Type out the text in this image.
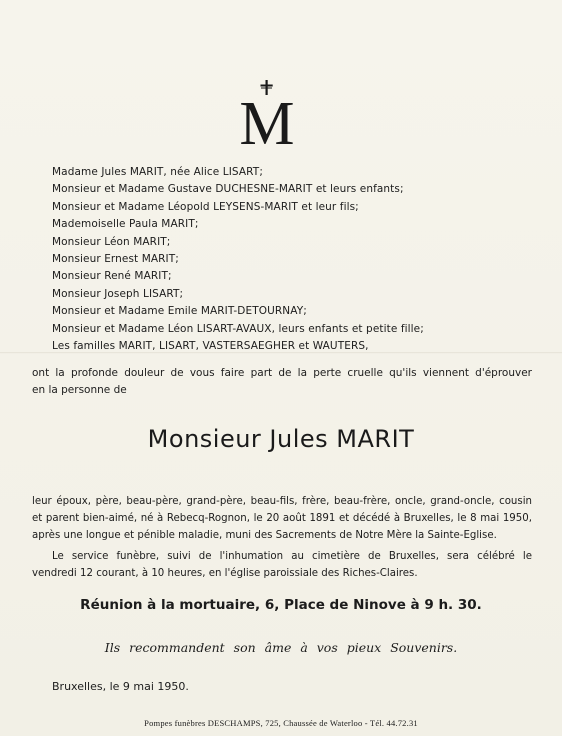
M
Madame Jules MARIT, née Alice LISART;
Monsieur et Madame Gustave DUCHESNE-MARIT et leurs enfants;
Monsieur et Madame Léopold LEYSENS-MARIT et leur fils;
Mademoiselle Paula MARIT;
Monsieur Léon MARIT;
Monsieur Ernest MARIT;
Monsieur René MARIT;
Monsieur Joseph LISART;
Monsieur et Madame Emile MARIT-DETOURNAY;
Monsieur et Madame Léon LISART-AVAUX, leurs enfants et petite fille;
Les familles MARIT, LISART, VASTERSAEGHER et WAUTERS,
ont la profonde douleur de vous faire part de la perte cruelle qu'ils viennent d'éprouver
en la personne de
Monsieur Jules MARIT
leur époux, père, beau-père, grand-père, beau-fils, frère, beau-frère, oncle, grand-oncle, cousin
et parent bien-aimé, né à Rebecq-Rognon, le 20 août 1891 et décédé à Bruxelles, le 8 mai 1950,
après une longue et pénible maladie, muni des Sacrements de Notre Mère la Sainte-Eglise.
Le service funèbre, suivi de l'inhumation au cimetière de Bruxelles, sera célébré le
vendredi 12 courant, à 10 heures, en l'église paroissiale des Riches-Claires.
Réunion à la mortuaire, 6, Place de Ninove à 9 h. 30.
Ils recommandent son âme à vos pieux Souvenirs.
Bruxelles, le 9 mai 1950.
Pompes funèbres DESCHAMPS, 725, Chaussée de Waterloo - Tél. 44.72.31
